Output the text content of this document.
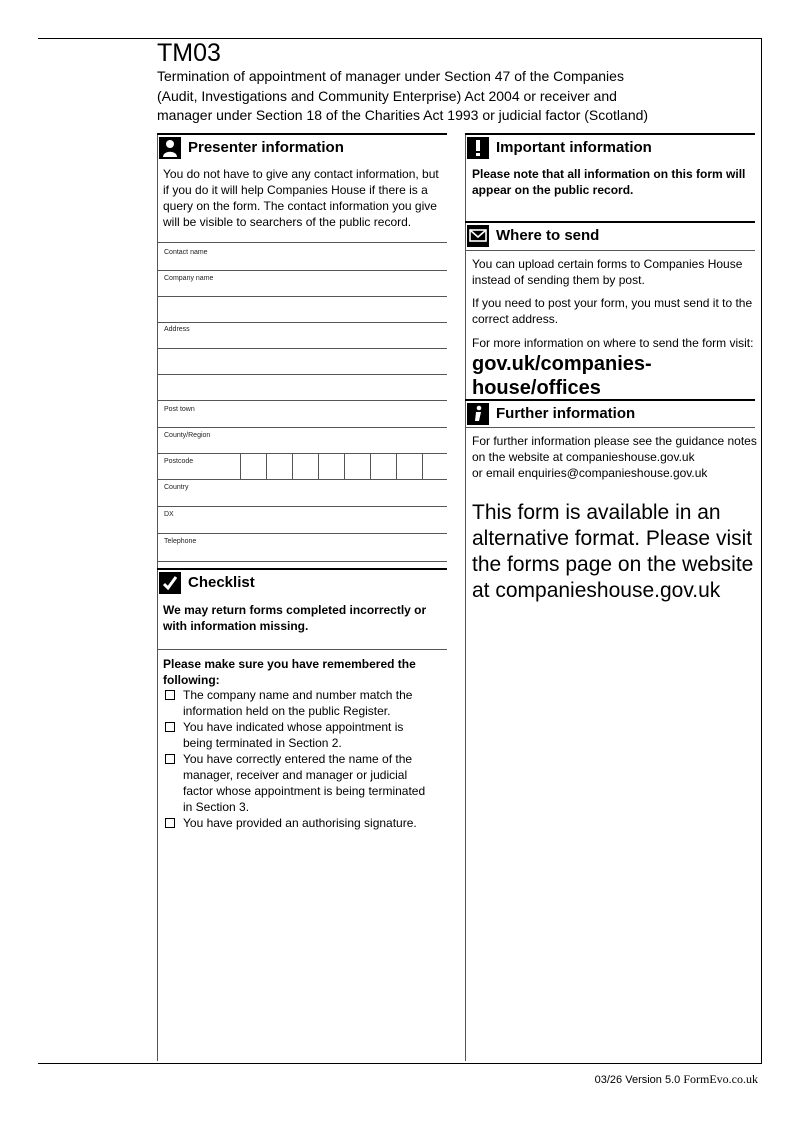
TM03
Termination of appointment of manager under Section 47 of the Companies (Audit, Investigations and Community Enterprise) Act 2004 or receiver and manager under Section 18 of the Charities Act 1993 or judicial factor (Scotland)
Presenter information
You do not have to give any contact information, but if you do it will help Companies House if there is a query on the form. The contact information you give will be visible to searchers of the public record.
Contact name
Company name
Address
Post town
County/Region
Postcode
Country
DX
Telephone
Checklist
We may return forms completed incorrectly or with information missing.
Please make sure you have remembered the following:
The company name and number match the information held on the public Register.
You have indicated whose appointment is being terminated in Section 2.
You have correctly entered the name of the manager, receiver and manager or judicial factor whose appointment is being terminated in Section 3.
You have provided an authorising signature.
Important information
Please note that all information on this form will appear on the public record.
Where to send
You can upload certain forms to Companies House instead of sending them by post.
If you need to post your form, you must send it to the correct address.
For more information on where to send the form visit:
gov.uk/companies-house/offices
Further information
For further information please see the guidance notes
on the website at companieshouse.gov.uk
or email enquiries@companieshouse.gov.uk
This form is available in an alternative format. Please visit the forms page on the website at companieshouse.gov.uk
03/26 Version 5.0 FormEvo.co.uk
